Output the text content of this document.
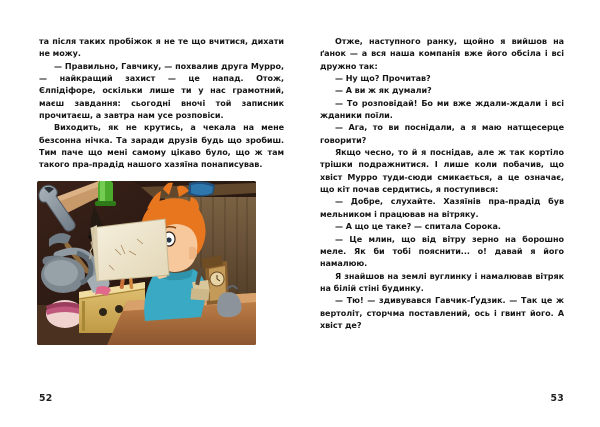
та після таких пробіжок я не те що вчитися, дихати не можу.

— Правильно, Гавчику, — похвалив друга Мурро, — найкращий захист — це напад. Отож, Єлпідіфоре, оскільки лише ти у нас грамотний, маєш завдання: сьогодні вночі той записник прочитаєш, а завтра нам усе розповіси.

Виходить, як не крутись, а чекала на мене безсонна нічка. Та заради друзів будь що зробиш. Тим паче що мені самому цікаво було, що ж там такого пра-прадід нашого хазяїна понаписував.

52

Отже, наступного ранку, щойно я вийшов на ґанок — а вся наша компанія вже його обсіла і всі дружно так:

— Ну що? Прочитав?

— А ви ж як думали?

— То розповідай! Бо ми вже ждали-ждали і всі жданики поїли.

— Ага, то ви поснідали, а я маю натщесерце говорити?

Якщо чесно, то й я поснідав, але ж так кортіло трішки подражнитися. І лише коли побачив, що хвіст Мурро туди-сюди смикається, а це означає, що кіт почав сердитись, я поступився:

— Добре, слухайте. Хазяїнів пра-прадід був мельником і працював на вітряку.

— А що це таке? — спитала Сорока.

— Це млин, що від вітру зерно на борошно меле. Як би тобі пояснити... о! давай я його намалюю.

Я знайшов на землі вуглинку і намалював вітряк на білій стіні будинку.

— Тю! — здивувався Гавчик-Ґудзик. — Так це ж вертоліт, сторчма поставлений, ось і гвинт його. А хвіст де?

53
